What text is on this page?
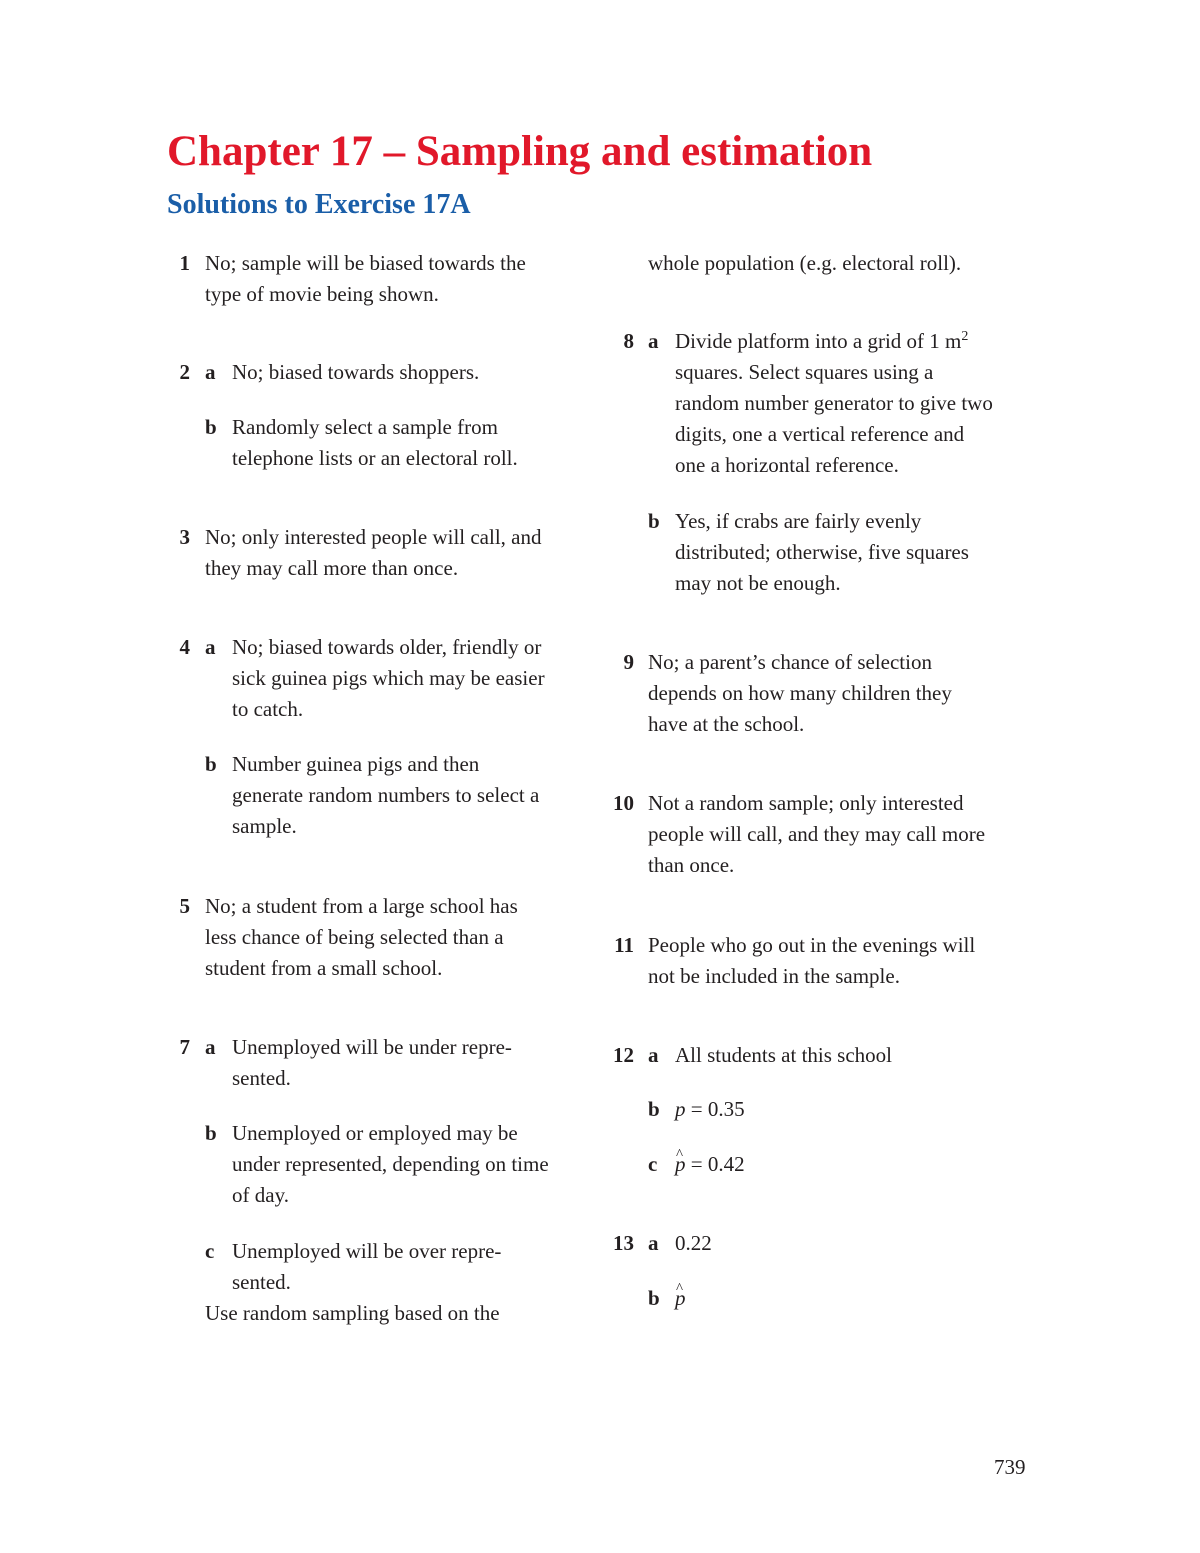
Chapter 17 – Sampling and estimation
Solutions to Exercise 17A
1 No; sample will be biased towards the
type of movie being shown.
2 a No; biased towards shoppers.
b Randomly select a sample from
telephone lists or an electoral roll.
3 No; only interested people will call, and
they may call more than once.
4 a No; biased towards older, friendly or
sick guinea pigs which may be easier
to catch.
b Number guinea pigs and then
generate random numbers to select a
sample.
5 No; a student from a large school has
less chance of being selected than a
student from a small school.
7 a Unemployed will be under repre-
sented.
b Unemployed or employed may be
under represented, depending on time
of day.
c Unemployed will be over repre-
sented.
Use random sampling based on the
whole population (e.g. electoral roll).
8 a Divide platform into a grid of 1 $m^2$
squares. Select squares using a
random number generator to give two
digits, one a vertical reference and
one a horizontal reference.
b Yes, if crabs are fairly evenly
distributed; otherwise, five squares
may not be enough.
9 No; a parent’s chance of selection
depends on how many children they
have at the school.
10 Not a random sample; only interested
people will call, and they may call more
than once.
11 People who go out in the evenings will
not be included in the sample.
12 a All students at this school
b p = 0.35
c ^ p = 0.42
13 a 0.22
b ^ p
739
